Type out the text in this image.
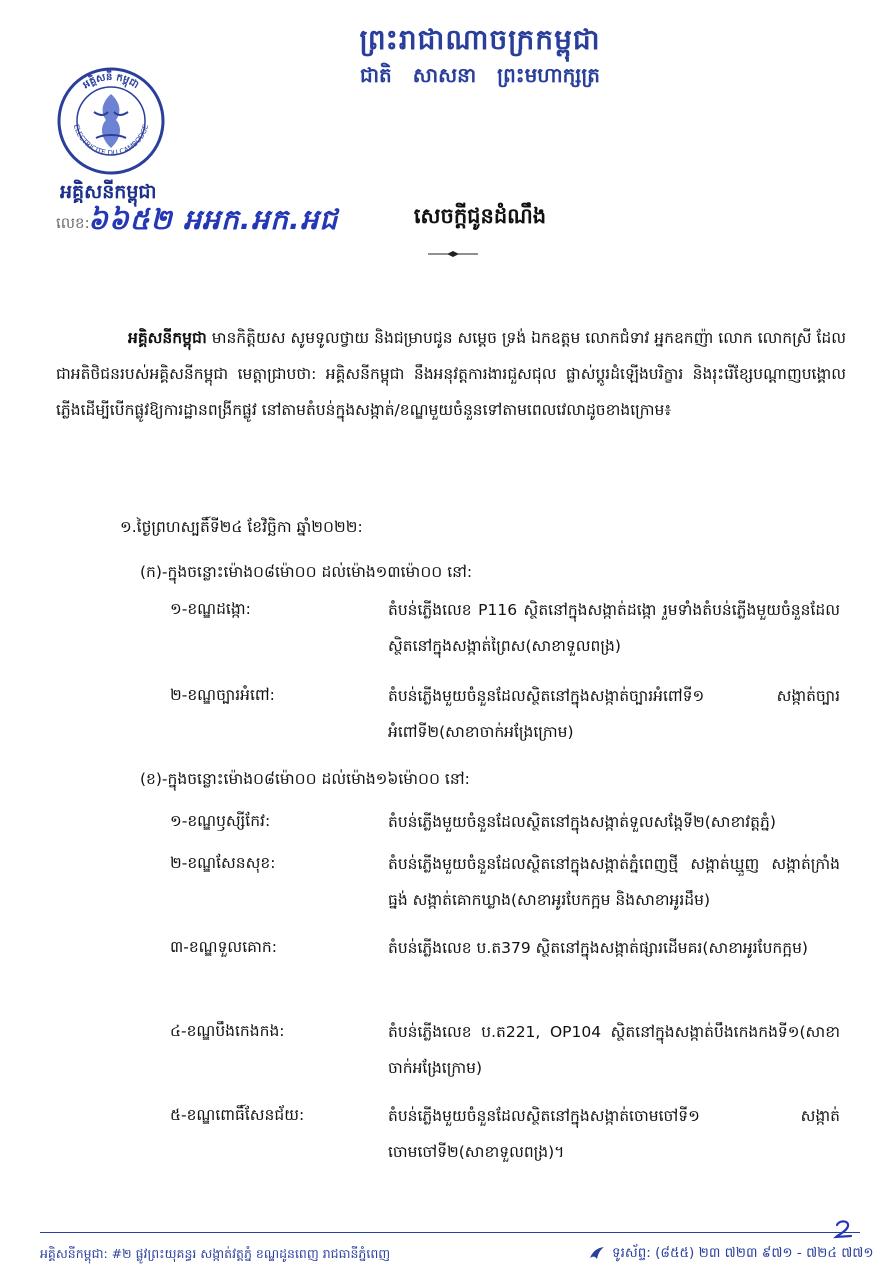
ព្រះរាជាណាចក្រកម្ពុជា
ជាតិ សាសនា ព្រះមហាក្សត្រ
អគ្គិសនី កម្ពុជា
ELECTRICITE DU CAMBODGE
អគ្គិសនីកម្ពុជា
លេខ:
៦៦៥២ អអក.អក.អជ	សេចក្តីជូនដំណឹង
អគ្គិសនីកម្ពុជា មានកិត្តិយស សូមទូលថ្វាយ និងជម្រាបជូន សម្តេច ទ្រង់ ឯកឧត្តម លោកជំទាវ អ្នកឧកញ៉ា លោក លោកស្រី ដែលជាអតិថិជនរបស់អគ្គិសនីកម្ពុជា មេត្តាជ្រាបថា: អគ្គិសនីកម្ពុជា នឹងអនុវត្តការងារជួសជុល ផ្លាស់ប្តូរដំឡើងបរិក្ខារ និងរុះរើខ្សែបណ្តាញបង្គោលភ្លើងដើម្បីបើកផ្លូវឱ្យការដ្ឋានពង្រីកផ្លូវ នៅតាមតំបន់ក្នុងសង្កាត់/ខណ្ឌមួយចំនួនទៅតាមពេលវេលាដូចខាងក្រោម៖
១.ថ្ងៃព្រហស្បតិ៍ទី២៤ ខែវិច្ឆិកា ឆ្នាំ២០២២:
(ក)-ក្នុងចន្លោះម៉ោង០៨ម៉ោ០០ ដល់ម៉ោង១៣ម៉ោ០០ នៅ:
១-ខណ្ឌដង្កោ:	តំបន់ភ្លើងលេខ P116 ស្ថិតនៅក្នុងសង្កាត់ដង្កោ រួមទាំងតំបន់ភ្លើងមួយចំនួនដែលស្ថិតនៅក្នុងសង្កាត់ព្រៃស(សាខាទួលពង្រ)
២-ខណ្ឌច្បារអំពៅ:	តំបន់ភ្លើងមួយចំនួនដែលស្ថិតនៅក្នុងសង្កាត់ច្បារអំពៅទី១ សង្កាត់ច្បារអំពៅទី២(សាខាចាក់អង្រែក្រោម)
(ខ)-ក្នុងចន្លោះម៉ោង០៨ម៉ោ០០ ដល់ម៉ោង១៦ម៉ោ០០ នៅ:
១-ខណ្ឌឫស្សីកែវ:	តំបន់ភ្លើងមួយចំនួនដែលស្ថិតនៅក្នុងសង្កាត់ទួលសង្កែទី២(សាខាវត្តភ្នំ)
២-ខណ្ឌសែនសុខ:	តំបន់ភ្លើងមួយចំនួនដែលស្ថិតនៅក្នុងសង្កាត់ភ្នំពេញថ្មី សង្កាត់ឃ្មួញ សង្កាត់ក្រាំងធ្នង់ សង្កាត់គោកឃ្លាង(សាខាអូរបែកក្អម និងសាខាអូរដឹម)
៣-ខណ្ឌទួលគោក:	តំបន់ភ្លើងលេខ ប.ត379 ស្ថិតនៅក្នុងសង្កាត់ផ្សារដើមគរ(សាខាអូរបែកក្អម)
៤-ខណ្ឌបឹងកេងកង:	តំបន់ភ្លើងលេខ ប.ត221, OP104 ស្ថិតនៅក្នុងសង្កាត់បឹងកេងកងទី១(សាខាចាក់អង្រែក្រោម)
៥-ខណ្ឌពោធិ៍សែនជ័យ:	តំបន់ភ្លើងមួយចំនួនដែលស្ថិតនៅក្នុងសង្កាត់ចោមចៅទី១ សង្កាត់ចោមចៅទី២(សាខាទួលពង្រ)។
អគ្គិសនីកម្ពុជា: #២ ផ្លូវព្រះយុគន្ធរ សង្កាត់វត្តភ្នំ ខណ្ឌដូនពេញ រាជធានីភ្នំពេញ	ទូរស័ព្ទ: (៨៥៥) ២៣ ៧២៣ ៩៧១ - ៧២៤ ៧៧១
